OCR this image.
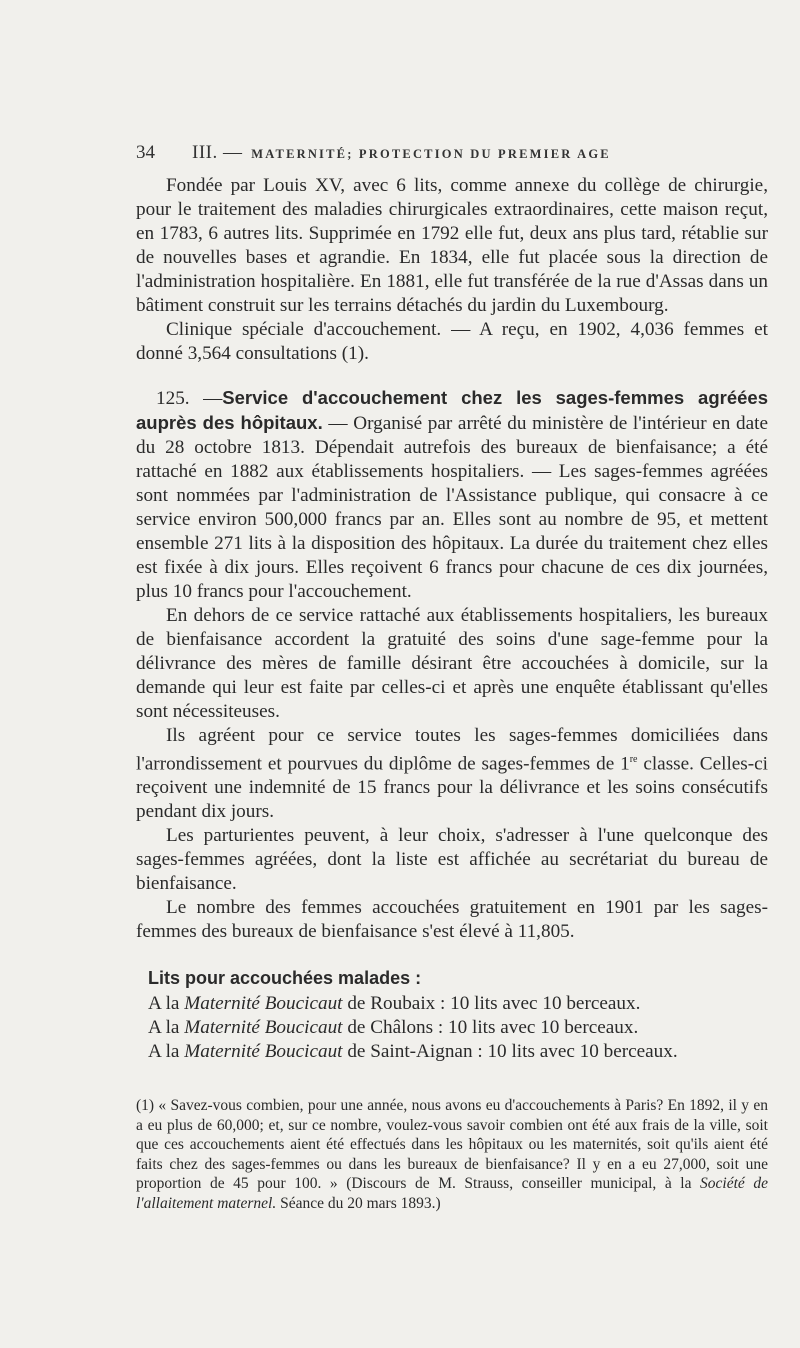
34 III. — MATERNITÉ; PROTECTION DU PREMIER AGE

Fondée par Louis XV, avec 6 lits, comme annexe du collège de chirurgie, pour le traitement des maladies chirurgicales extraordinaires, cette maison reçut, en 1783, 6 autres lits. Supprimée en 1792 elle fut, deux ans plus tard, rétablie sur de nouvelles bases et agrandie. En 1834, elle fut placée sous la direction de l'administration hospitalière. En 1881, elle fut transférée de la rue d'Assas dans un bâtiment construit sur les terrains détachés du jardin du Luxembourg.

Clinique spéciale d'accouchement. — A reçu, en 1902, 4,036 femmes et donné 3,564 consultations (1).

125. —Service d'accouchement chez les sages-femmes agréées auprès des hôpitaux. — Organisé par arrêté du ministère de l'intérieur en date du 28 octobre 1813. Dépendait autrefois des bureaux de bienfaisance; a été rattaché en 1882 aux établissements hospitaliers. — Les sages-femmes agréées sont nommées par l'administration de l'Assistance publique, qui consacre à ce service environ 500,000 francs par an. Elles sont au nombre de 95, et mettent ensemble 271 lits à la disposition des hôpitaux. La durée du traitement chez elles est fixée à dix jours. Elles reçoivent 6 francs pour chacune de ces dix journées, plus 10 francs pour l'accouchement.

En dehors de ce service rattaché aux établissements hospitaliers, les bureaux de bienfaisance accordent la gratuité des soins d'une sage-femme pour la délivrance des mères de famille désirant être accouchées à domicile, sur la demande qui leur est faite par celles-ci et après une enquête établissant qu'elles sont nécessiteuses.

Ils agréent pour ce service toutes les sages-femmes domiciliées dans l'arrondissement et pourvues du diplôme de sages-femmes de 1re classe. Celles-ci reçoivent une indemnité de 15 francs pour la délivrance et les soins consécutifs pendant dix jours.

Les parturientes peuvent, à leur choix, s'adresser à l'une quelconque des sages-femmes agréées, dont la liste est affichée au secrétariat du bureau de bienfaisance.

Le nombre des femmes accouchées gratuitement en 1901 par les sages-femmes des bureaux de bienfaisance s'est élevé à 11,805.

Lits pour accouchées malades :
A la Maternité Boucicaut de Roubaix : 10 lits avec 10 berceaux.
A la Maternité Boucicaut de Châlons : 10 lits avec 10 berceaux.
A la Maternité Boucicaut de Saint-Aignan : 10 lits avec 10 berceaux.
(1) « Savez-vous combien, pour une année, nous avons eu d'accouchements à Paris? En 1892, il y en a eu plus de 60,000; et, sur ce nombre, voulez-vous savoir combien ont été aux frais de la ville, soit que ces accouchements aient été effectués dans les hôpitaux ou les maternités, soit qu'ils aient été faits chez des sages-femmes ou dans les bureaux de bienfaisance? Il y en a eu 27,000, soit une proportion de 45 pour 100. » (Discours de M. Strauss, conseiller municipal, à la Société de l'allaitement maternel. Séance du 20 mars 1893.)
